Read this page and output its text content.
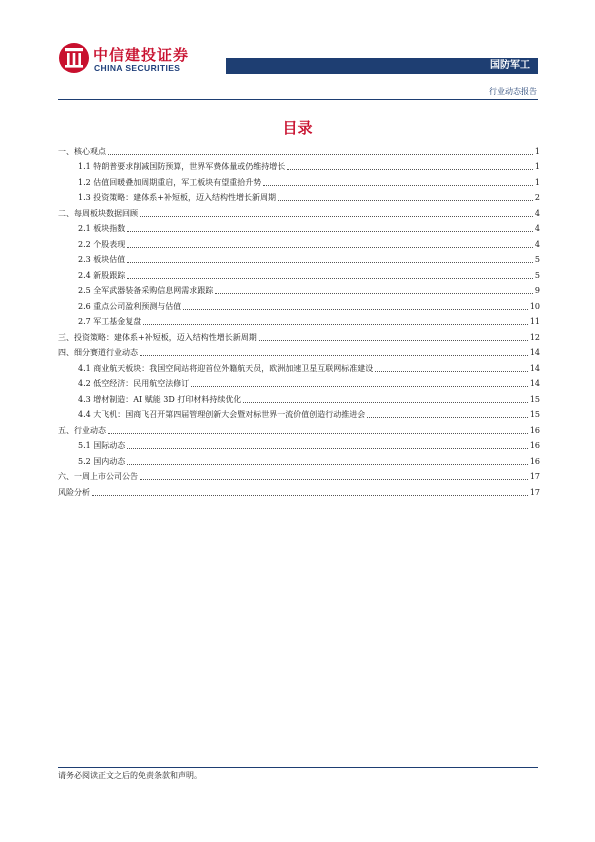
中信建投证券
CHINA SECURITIES	国防军工
行业动态报告
目录
一、核心观点	1
1.1 特朗普要求削减国防预算，世界军费体量或仍维持增长	1
1.2 估值回暖叠加周期重启，军工板块有望重拾升势	1
1.3 投资策略：建体系+补短板，迈入结构性增长新周期	2
二、每周板块数据回顾	4
2.1 板块指数	4
2.2 个股表现	4
2.3 板块估值	5
2.4 新股跟踪	5
2.5 全军武器装备采购信息网需求跟踪	9
2.6 重点公司盈利预测与估值	10
2.7 军工基金复盘	11
三、投资策略：建体系+补短板，迈入结构性增长新周期	12
四、细分赛道行业动态	14
4.1 商业航天板块：我国空间站将迎首位外籍航天员，欧洲加速卫星互联网标准建设	14
4.2 低空经济：民用航空法修订	14
4.3 增材制造：AI 赋能 3D 打印材料持续优化	15
4.4 大飞机：国商飞召开第四届管理创新大会暨对标世界一流价值创造行动推进会	15
五、行业动态	16
5.1 国际动态	16
5.2 国内动态	16
六、一周上市公司公告	17
风险分析	17
请务必阅读正文之后的免责条款和声明。
